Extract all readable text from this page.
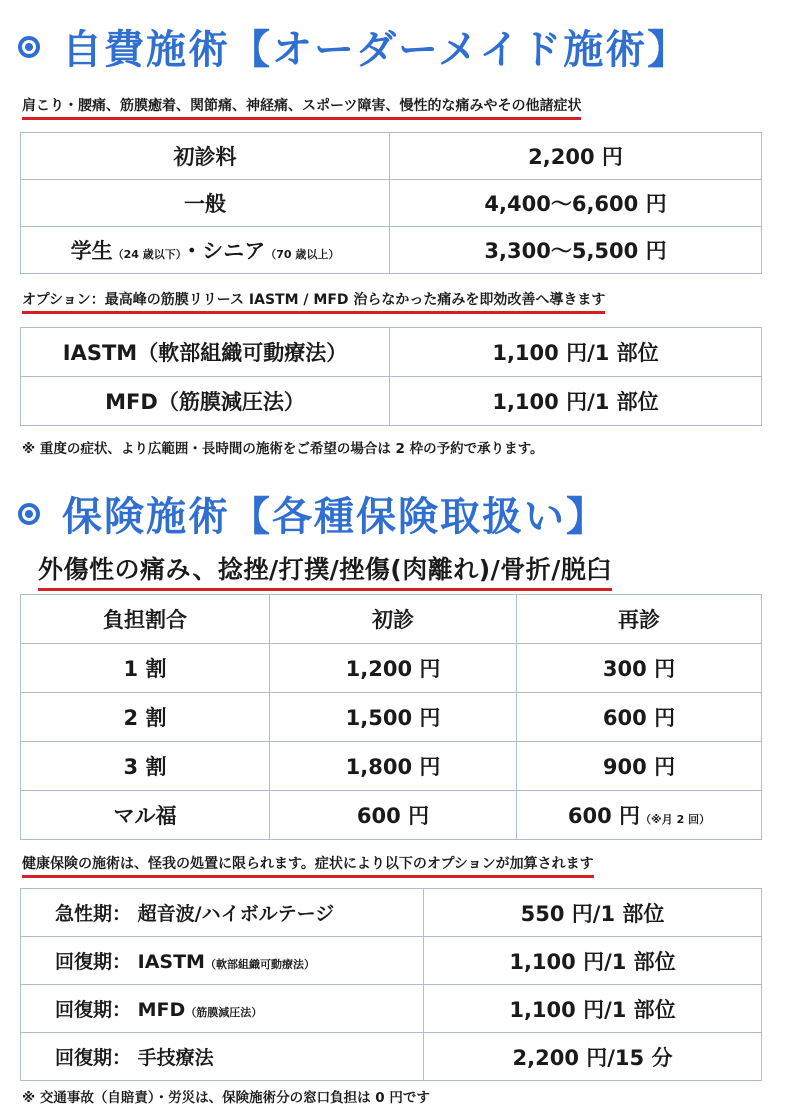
自費施術【オーダーメイド施術】
肩こり・腰痛、筋膜癒着、関節痛、神経痛、スポーツ障害、慢性的な痛みやその他諸症状
初診料	2,200 円
一般	4,400～6,600 円
学生（24 歳以下）・シニア（70 歳以上）	3,300～5,500 円
オプション：最高峰の筋膜リリース IASTM / MFD 治らなかった痛みを即効改善へ導きます
IASTM（軟部組織可動療法）	1,100 円/1 部位
MFD（筋膜減圧法）	1,100 円/1 部位
※ 重度の症状、より広範囲・長時間の施術をご希望の場合は 2 枠の予約で承ります。
保険施術【各種保険取扱い】
外傷性の痛み、捻挫/打撲/挫傷(肉離れ)/骨折/脱臼
負担割合	初診	再診
1 割	1,200 円	300 円
2 割	1,500 円	600 円
3 割	1,800 円	900 円
マル福	600 円	600 円（※月 2 回）
健康保険の施術は、怪我の処置に限られます。症状により以下のオプションが加算されます
急性期： 超音波/ハイボルテージ	550 円/1 部位
回復期： IASTM（軟部組織可動療法）	1,100 円/1 部位
回復期： MFD（筋膜減圧法）	1,100 円/1 部位
回復期： 手技療法	2,200 円/15 分
※ 交通事故（自賠責）・労災は、保険施術分の窓口負担は 0 円です
